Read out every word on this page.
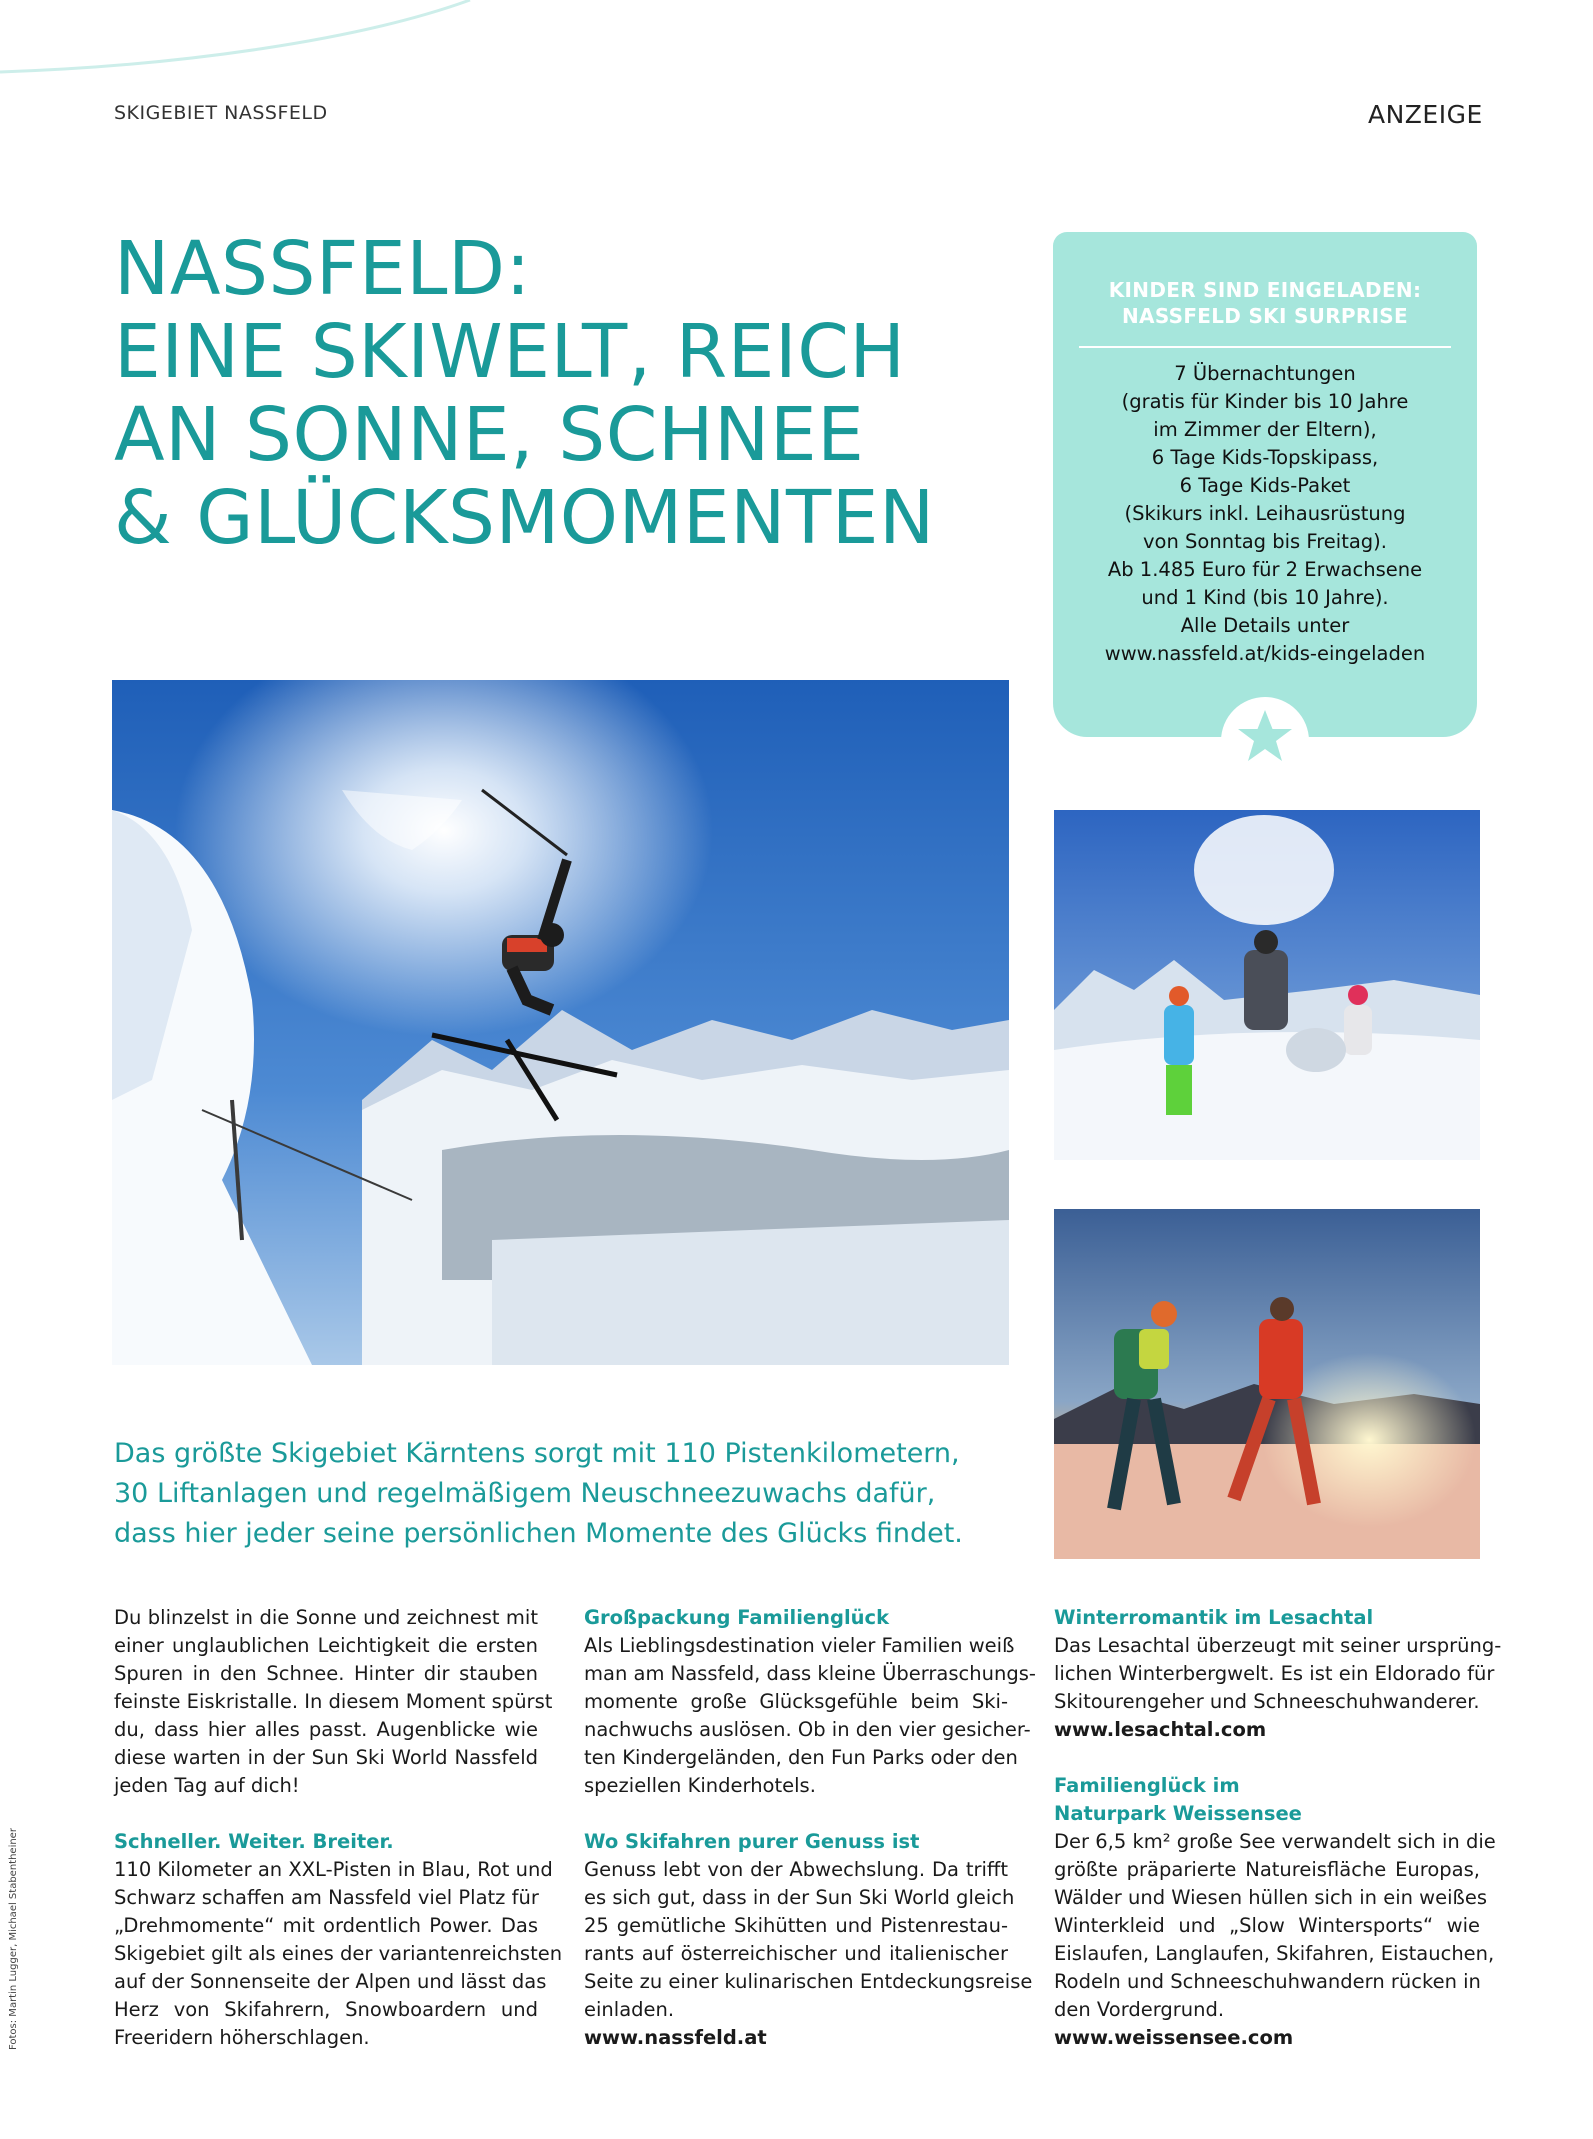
SKIGEBIET NASSFELD	ANZEIGE
NASSFELD:
EINE SKIWELT, REICH
AN SONNE, SCHNEE
& GLÜCKSMOMENTEN
KINDER SIND EINGELADEN:
NASSFELD SKI SURPRISE
7 Übernachtungen
(gratis für Kinder bis 10 Jahre
im Zimmer der Eltern),
6 Tage Kids-Topskipass,
6 Tage Kids-Paket
(Skikurs inkl. Leihausrüstung
von Sonntag bis Freitag).
Ab 1.485 Euro für 2 Erwachsene
und 1 Kind (bis 10 Jahre).
Alle Details unter
www.nassfeld.at/kids-eingeladen

Das größte Skigebiet Kärntens sorgt mit 110 Pistenkilometern,
30 Liftanlagen und regelmäßigem Neuschneezuwachs dafür,
dass hier jeder seine persönlichen Momente des Glücks findet.

Du blinzelst in die Sonne und zeichnest mit
einer unglaublichen Leichtigkeit die ersten
Spuren in den Schnee. Hinter dir stauben
feinste Eiskristalle. In diesem Moment spürst
du, dass hier alles passt. Augenblicke wie
diese warten in der Sun Ski World Nassfeld
jeden Tag auf dich!
Schneller. Weiter. Breiter.
110 Kilometer an XXL-Pisten in Blau, Rot und
Schwarz schaffen am Nassfeld viel Platz für
„Drehmomente“ mit ordentlich Power. Das
Skigebiet gilt als eines der variantenreichsten
auf der Sonnenseite der Alpen und lässt das
Herz von Skifahrern, Snowboardern und
Freeridern höherschlagen.
Großpackung Familienglück
Als Lieblingsdestination vieler Familien weiß
man am Nassfeld, dass kleine Überraschungs-
momente große Glücksgefühle beim Ski-
nachwuchs auslösen. Ob in den vier gesicher-
ten Kindergeländen, den Fun Parks oder den
speziellen Kinderhotels.
Wo Skifahren purer Genuss ist
Genuss lebt von der Abwechslung. Da trifft
es sich gut, dass in der Sun Ski World gleich
25 gemütliche Skihütten und Pistenrestau-
rants auf österreichischer und italienischer
Seite zu einer kulinarischen Entdeckungsreise
einladen.
www.nassfeld.at
Winterromantik im Lesachtal
Das Lesachtal überzeugt mit seiner ursprüng-
lichen Winterbergwelt. Es ist ein Eldorado für
Skitourengeher und Schneeschuhwanderer.
www.lesachtal.com
Familienglück im
Naturpark Weissensee
Der 6,5 km² große See verwandelt sich in die
größte präparierte Natureisfläche Europas,
Wälder und Wiesen hüllen sich in ein weißes
Winterkleid und „Slow Wintersports“ wie
Eislaufen, Langlaufen, Skifahren, Eistauchen,
Rodeln und Schneeschuhwandern rücken in
den Vordergrund.
www.weissensee.com
Fotos: Martin Lugger, Michael Stabentheiner
